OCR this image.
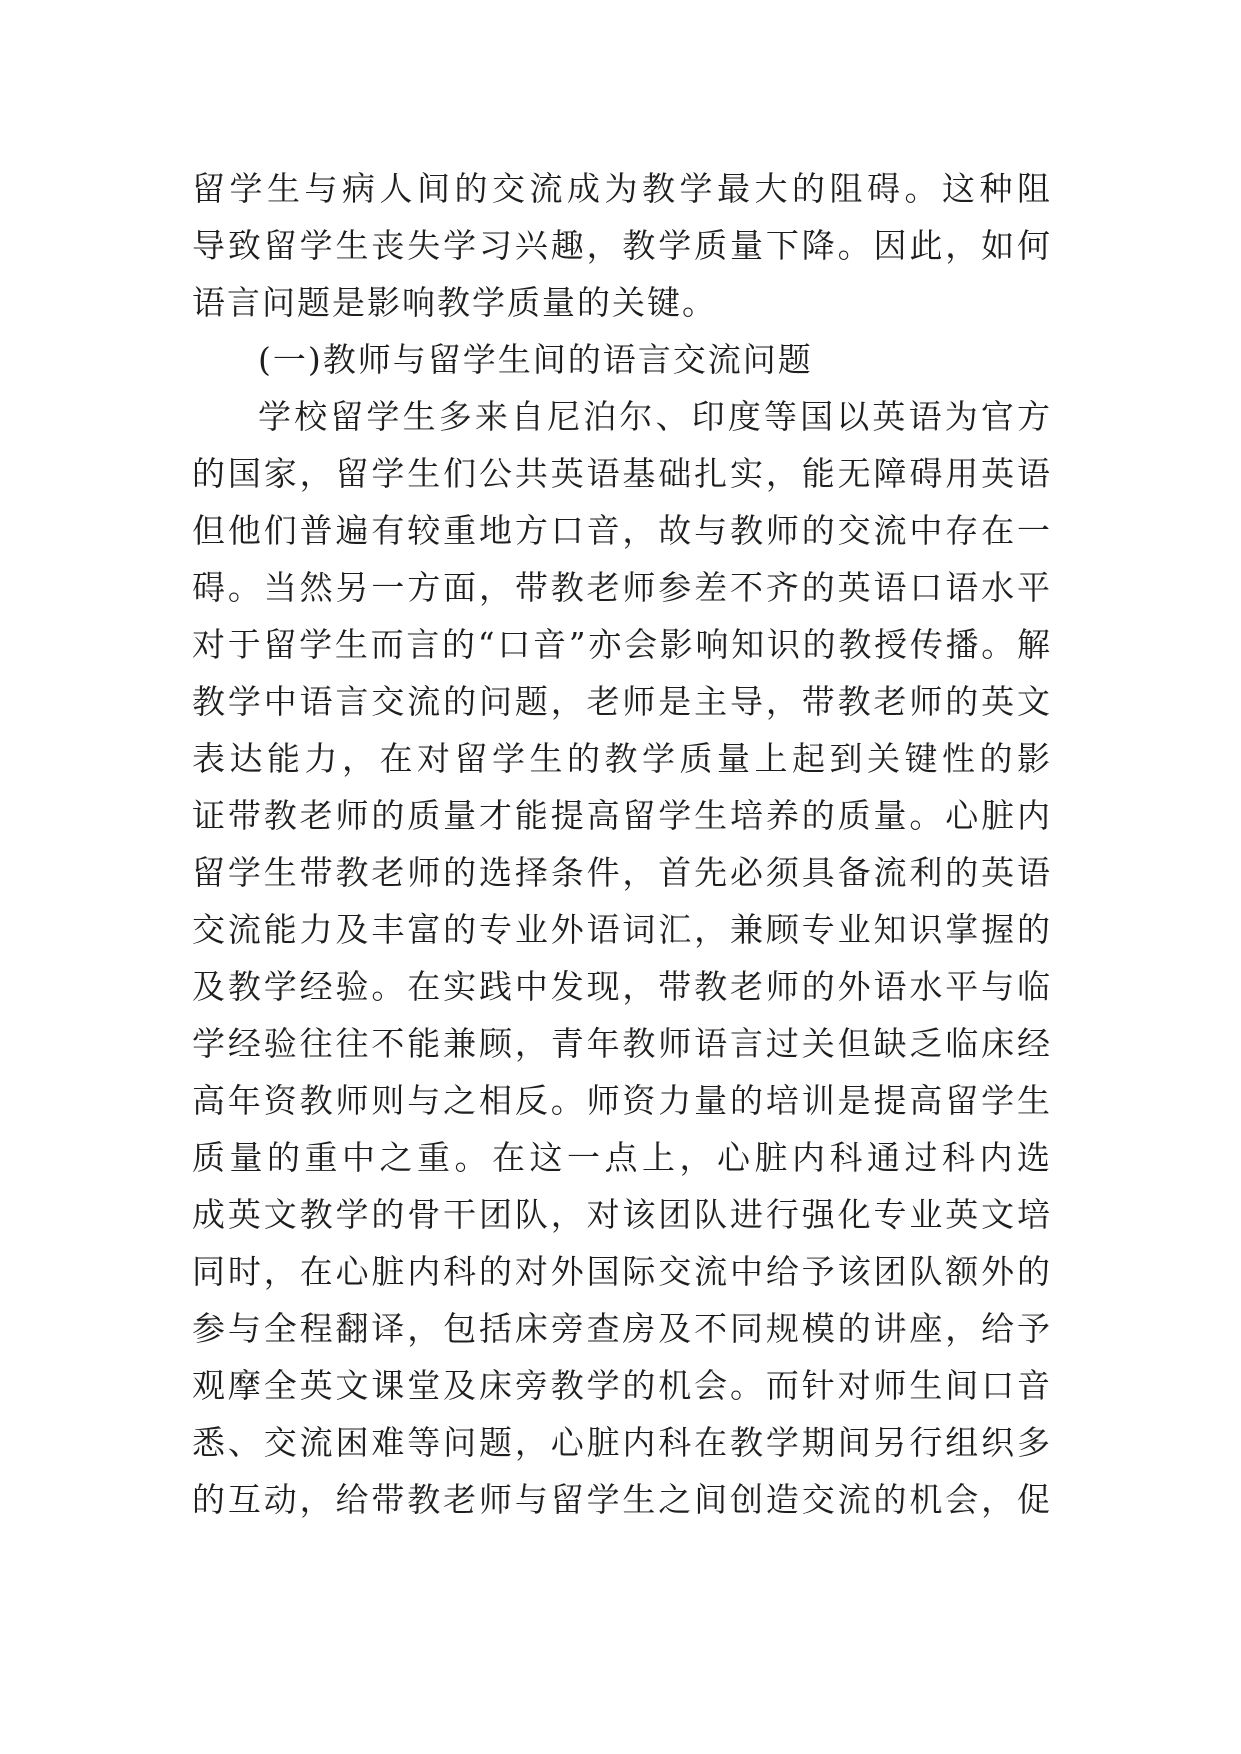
留学生与病人间的交流成为教学最大的阻碍。这种阻
导致留学生丧失学习兴趣，教学质量下降。因此，如何
语言问题是影响教学质量的关键。
(一)教师与留学生间的语言交流问题
学校留学生多来自尼泊尔、印度等国以英语为官方
的国家，留学生们公共英语基础扎实，能无障碍用英语
但他们普遍有较重地方口音，故与教师的交流中存在一
碍。当然另一方面，带教老师参差不齐的英语口语水平
对于留学生而言的“口音”亦会影响知识的教授传播。解
教学中语言交流的问题，老师是主导，带教老师的英文
表达能力，在对留学生的教学质量上起到关键性的影
证带教老师的质量才能提高留学生培养的质量。心脏内
留学生带教老师的选择条件，首先必须具备流利的英语
交流能力及丰富的专业外语词汇，兼顾专业知识掌握的
及教学经验。在实践中发现，带教老师的外语水平与临
学经验往往不能兼顾，青年教师语言过关但缺乏临床经
高年资教师则与之相反。师资力量的培训是提高留学生
质量的重中之重。在这一点上，心脏内科通过科内选
成英文教学的骨干团队，对该团队进行强化专业英文培
同时，在心脏内科的对外国际交流中给予该团队额外的
参与全程翻译，包括床旁查房及不同规模的讲座，给予
观摩全英文课堂及床旁教学的机会。而针对师生间口音
悉、交流困难等问题，心脏内科在教学期间另行组织多
的互动，给带教老师与留学生之间创造交流的机会，促
